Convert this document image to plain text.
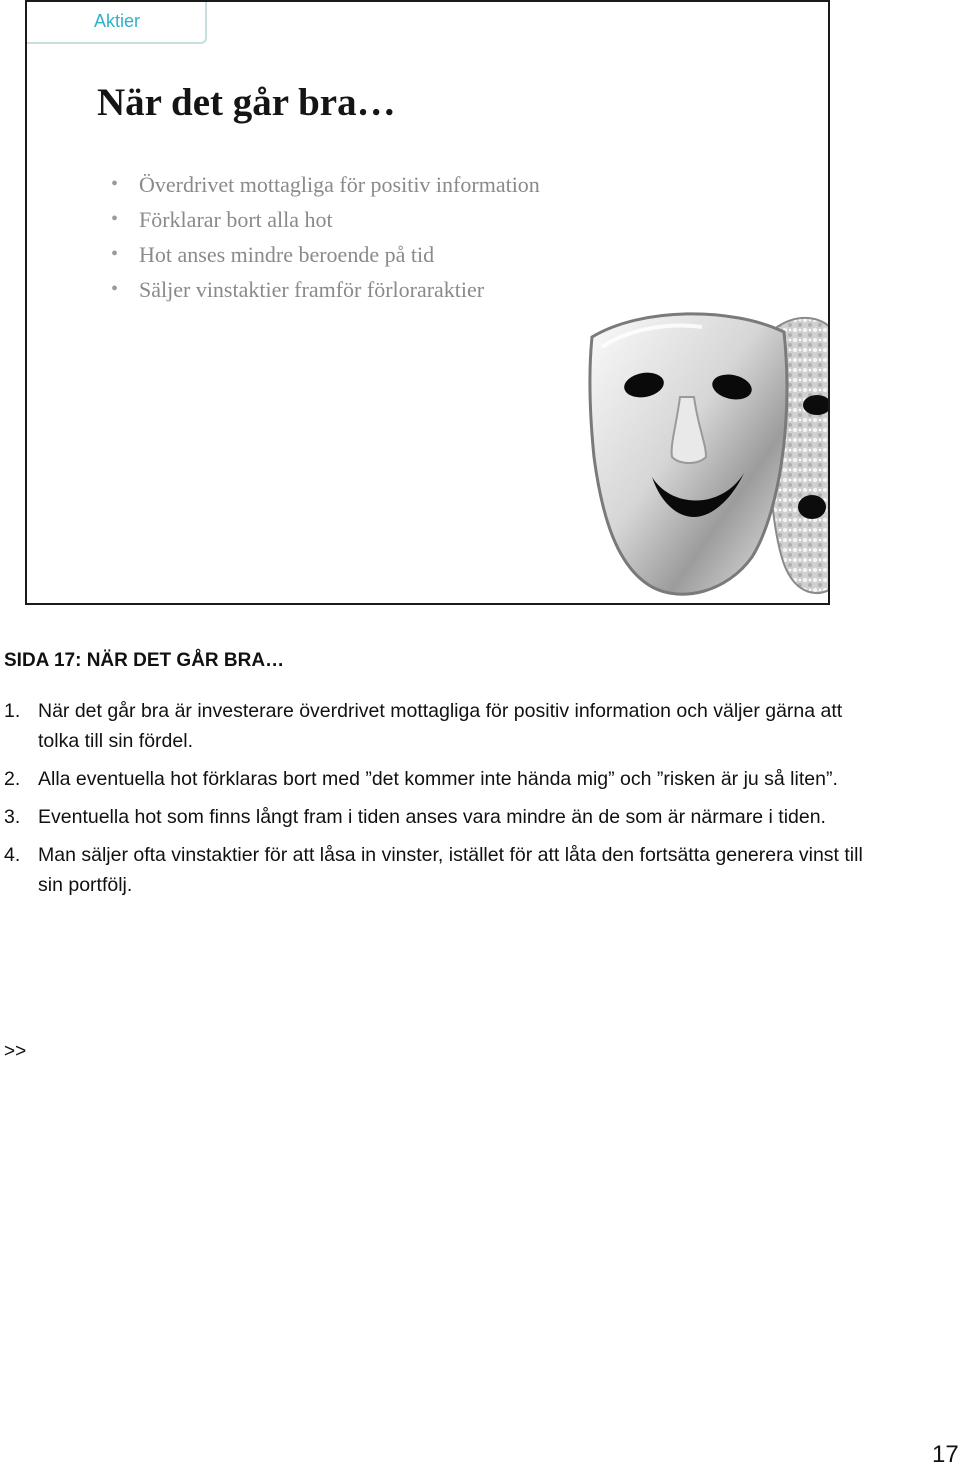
Aktier
När det går bra…
• Överdrivet mottagliga för positiv information
• Förklarar bort alla hot
• Hot anses mindre beroende på tid
• Säljer vinstaktier framför förloraraktier

SIDA 17: NÄR DET GÅR BRA…

1. När det går bra är investerare överdrivet mottagliga för positiv information och väljer gärna att tolka till sin fördel.
2. Alla eventuella hot förklaras bort med ”det kommer inte hända mig” och ”risken är ju så liten”.
3. Eventuella hot som finns långt fram i tiden anses vara mindre än de som är närmare i tiden.
4. Man säljer ofta vinstaktier för att låsa in vinster, istället för att låta den fortsätta generera vinst till sin portfölj.
>>
17
